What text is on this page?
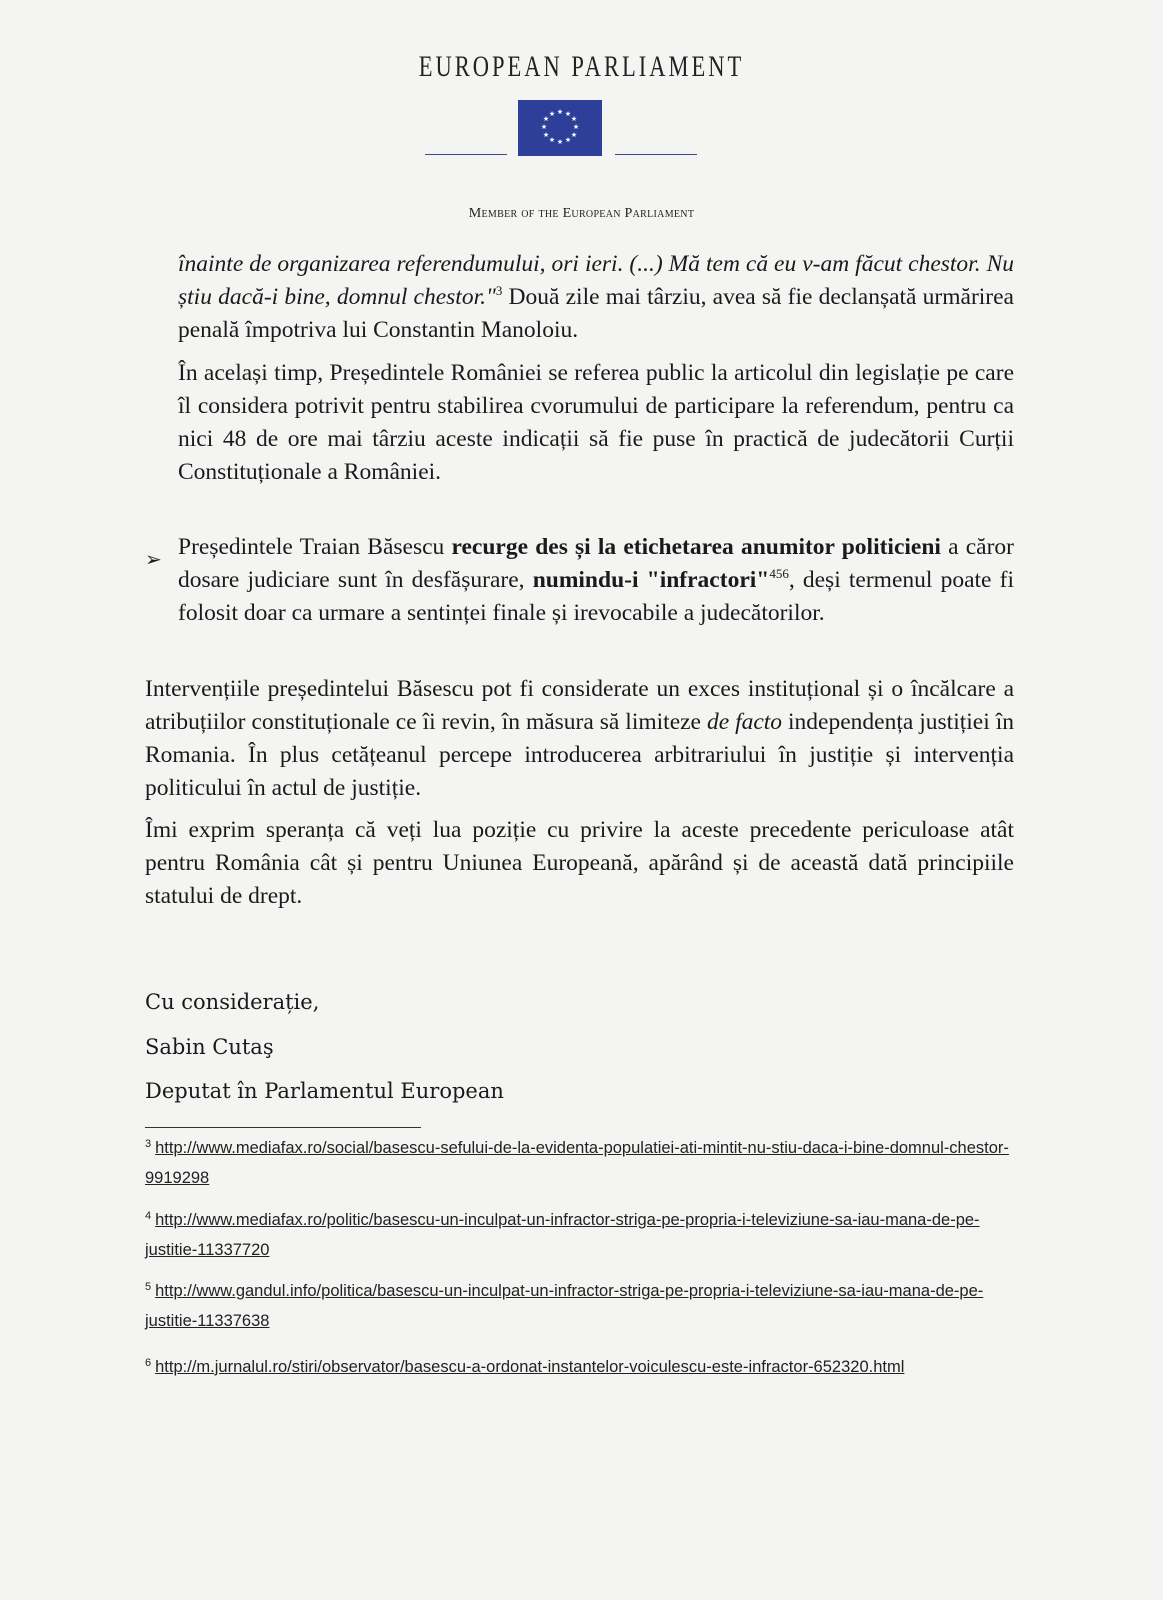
EUROPEAN PARLIAMENT
★ ★
★
★
★
★
★
★
★
★
★
★
Member of the European Parliament
înainte de organizarea referendumului, ori ieri. (...) Mă tem că eu v-am făcut chestor. Nu știu dacă-i bine, domnul chestor."$^3$ Două zile mai târziu, avea să fie declanșată urmărirea penală împotriva lui Constantin Manoloiu.
În același timp, Președintele României se referea public la articolul din legislație pe care îl considera potrivit pentru stabilirea cvorumului de participare la referendum, pentru ca nici 48 de ore mai târziu aceste indicații să fie puse în practică de judecătorii Curții Constituționale a României.
➢ Președintele Traian Băsescu recurge des și la etichetarea anumitor politicieni a căror dosare judiciare sunt în desfășurare, numindu-i "infractori"$^{456}$, deși termenul poate fi folosit doar ca urmare a sentinței finale și irevocabile a judecătorilor.
Intervențiile președintelui Băsescu pot fi considerate un exces instituțional și o încălcare a atribuțiilor constituționale ce îi revin, în măsura să limiteze de facto independența justiției în Romania. În plus cetățeanul percepe introducerea arbitrariului în justiție și intervenția politicului în actul de justiție.
Îmi exprim speranța că veți lua poziție cu privire la aceste precedente periculoase atât pentru România cât și pentru Uniunea Europeană, apărând și de această dată principiile statului de drept.
Cu considerație,
Sabin Cutaş
Deputat în Parlamentul European
$^3$ http://www.mediafax.ro/social/basescu-sefului-de-la-evidenta-populatiei-ati-mintit-nu-stiu-daca-i-bine-domnul-chestor-9919298
$^4$ http://www.mediafax.ro/politic/basescu-un-inculpat-un-infractor-striga-pe-propria-i-televiziune-sa-iau-mana-de-pe-justitie-11337720
$^5$ http://www.gandul.info/politica/basescu-un-inculpat-un-infractor-striga-pe-propria-i-televiziune-sa-iau-mana-de-pe-justitie-11337638
$^6$ http://m.jurnalul.ro/stiri/observator/basescu-a-ordonat-instantelor-voiculescu-este-infractor-652320.html
